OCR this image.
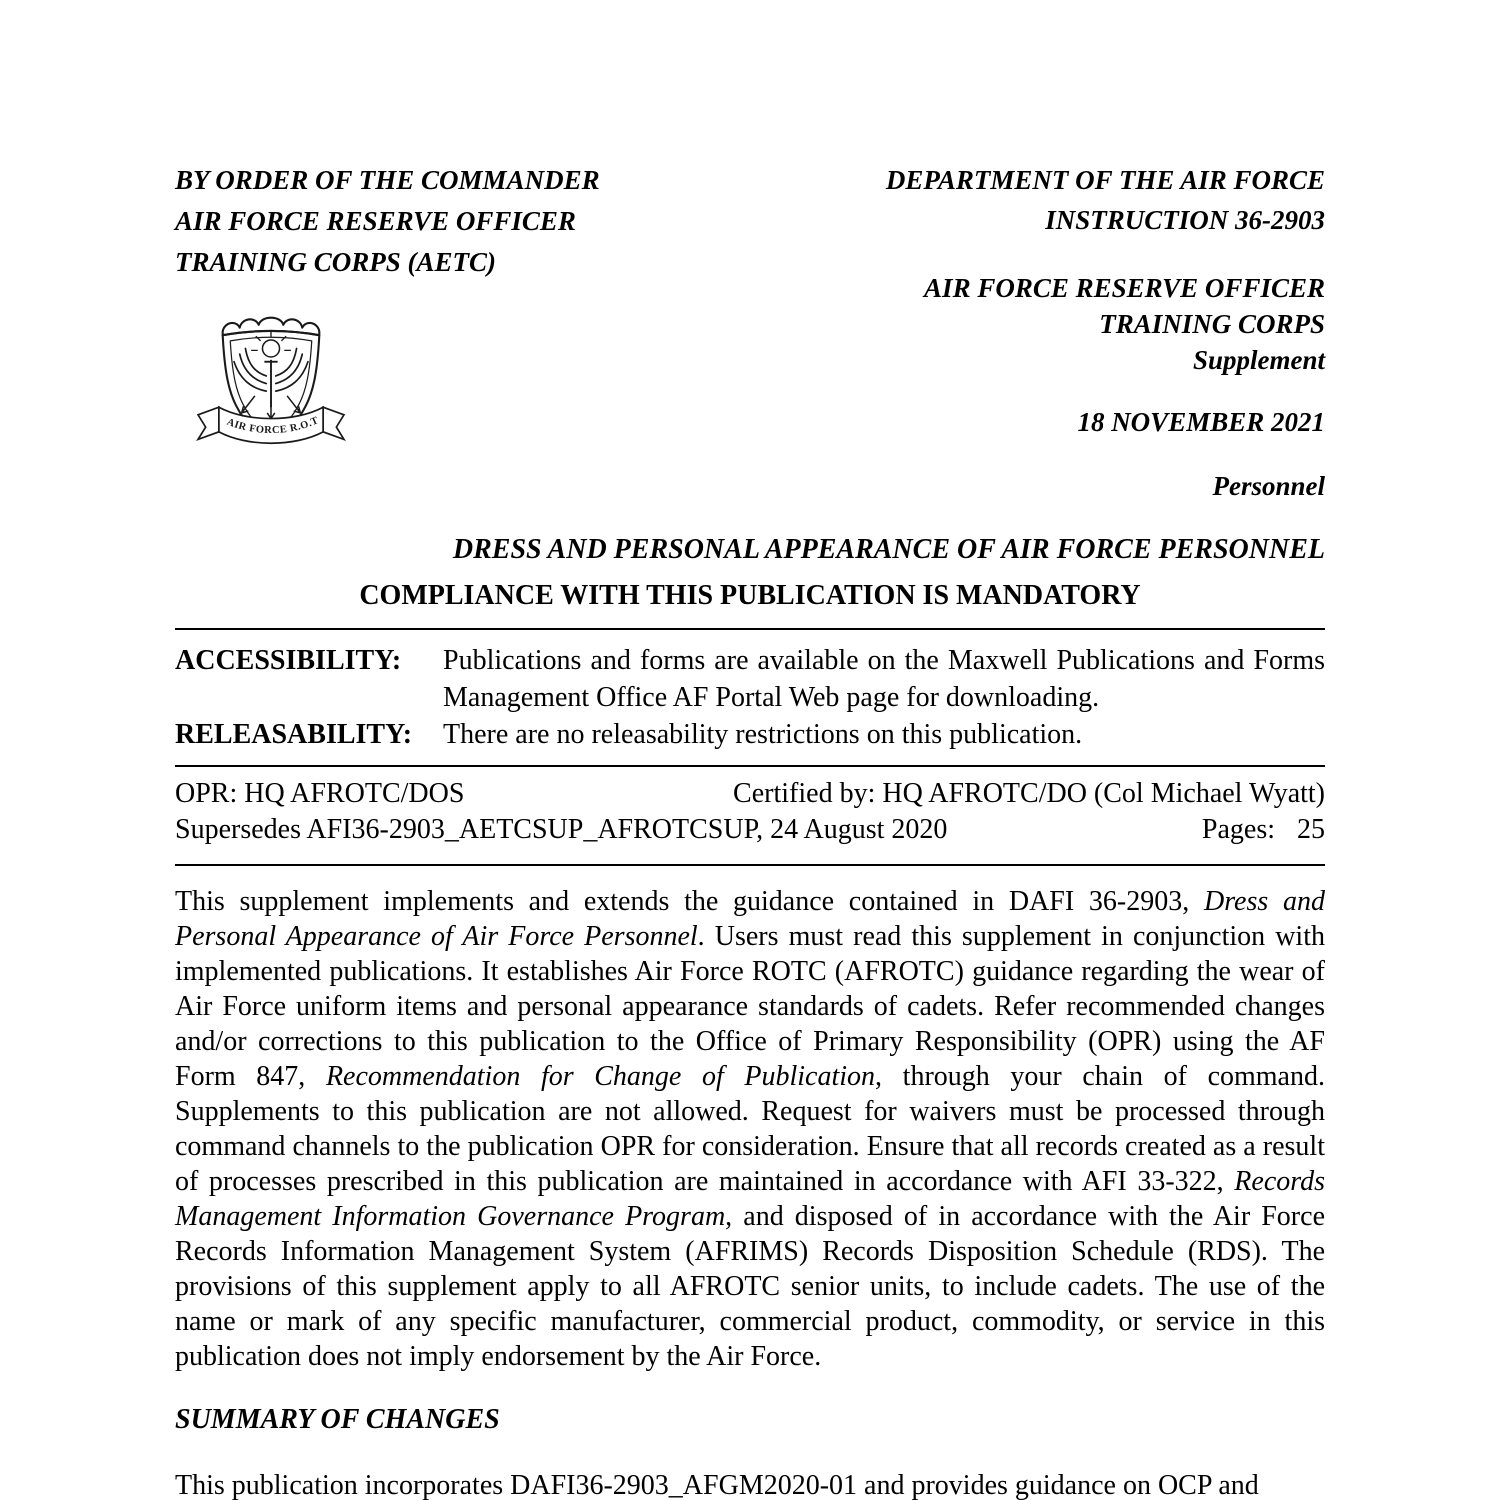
BY ORDER OF THE COMMANDER
AIR FORCE RESERVE OFFICER
TRAINING CORPS (AETC)
AIR FORCE R.O.T
DEPARTMENT OF THE AIR FORCE
INSTRUCTION 36-2903
AIR FORCE RESERVE OFFICER
TRAINING CORPS
Supplement
18 NOVEMBER 2021
Personnel
DRESS AND PERSONAL APPEARANCE OF AIR FORCE PERSONNEL
COMPLIANCE WITH THIS PUBLICATION IS MANDATORY
ACCESSIBILITY:	Publications and forms are available on the Maxwell Publications and Forms Management Office AF Portal Web page for downloading.
RELEASABILITY:	There are no releasability restrictions on this publication.
OPR: HQ AFROTC/DOS	Certified by: HQ AFROTC/DO (Col Michael Wyatt)
Supersedes AFI36-2903_AETCSUP_AFROTCSUP, 24 August 2020	Pages: 25

This supplement implements and extends the guidance contained in DAFI 36-2903, Dress and Personal Appearance of Air Force Personnel. Users must read this supplement in conjunction with implemented publications. It establishes Air Force ROTC (AFROTC) guidance regarding the wear of Air Force uniform items and personal appearance standards of cadets. Refer recommended changes and/or corrections to this publication to the Office of Primary Responsibility (OPR) using the AF Form 847, Recommendation for Change of Publication, through your chain of command. Supplements to this publication are not allowed. Request for waivers must be processed through command channels to the publication OPR for consideration. Ensure that all records created as a result of processes prescribed in this publication are maintained in accordance with AFI 33-322, Records Management Information Governance Program, and disposed of in accordance with the Air Force Records Information Management System (AFRIMS) Records Disposition Schedule (RDS). The provisions of this supplement apply to all AFROTC senior units, to include cadets. The use of the name or mark of any specific manufacturer, commercial product, commodity, or service in this publication does not imply endorsement by the Air Force.

SUMMARY OF CHANGES

This publication incorporates DAFI36-2903_AFGM2020-01 and provides guidance on OCP and
